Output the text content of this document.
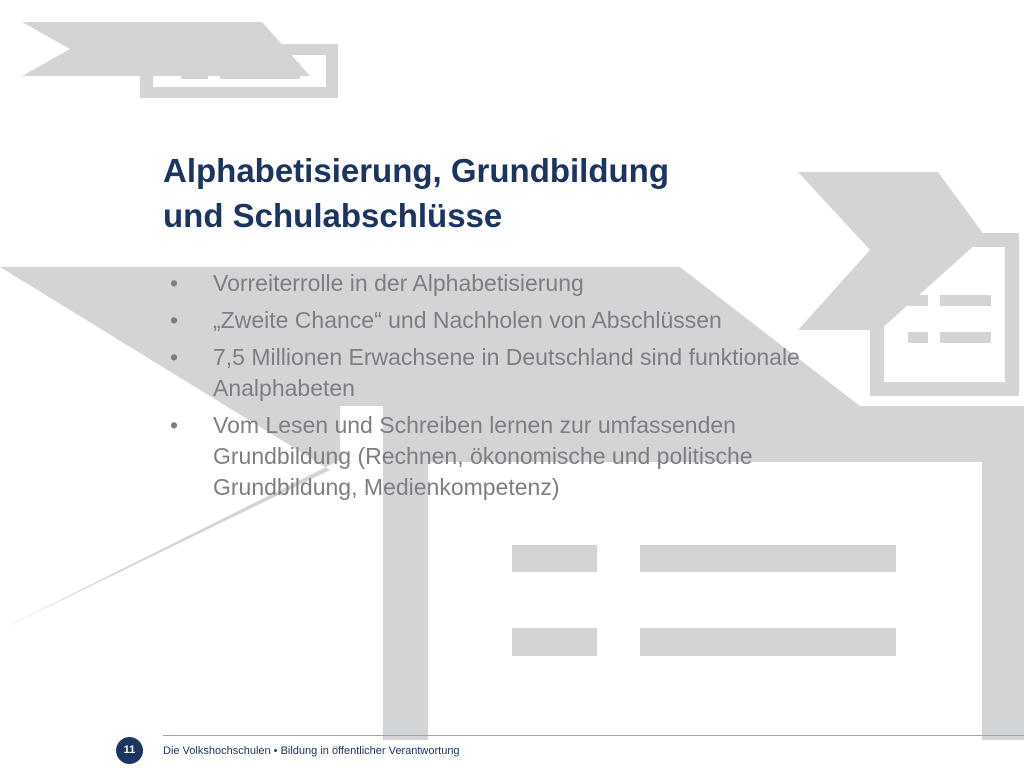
Alphabetisierung, Grundbildung
und Schulabschlüsse
• Vorreiterrolle in der Alphabetisierung
• „Zweite Chance“ und Nachholen von Abschlüssen
• 7,5 Millionen Erwachsene in Deutschland sind funktionale Analphabeten
• Vom Lesen und Schreiben lernen zur umfassenden Grundbildung (Rechnen, ökonomische und politische Grundbildung, Medienkompetenz)
11	Die Volkshochschulen • Bildung in öffentlicher Verantwortung
